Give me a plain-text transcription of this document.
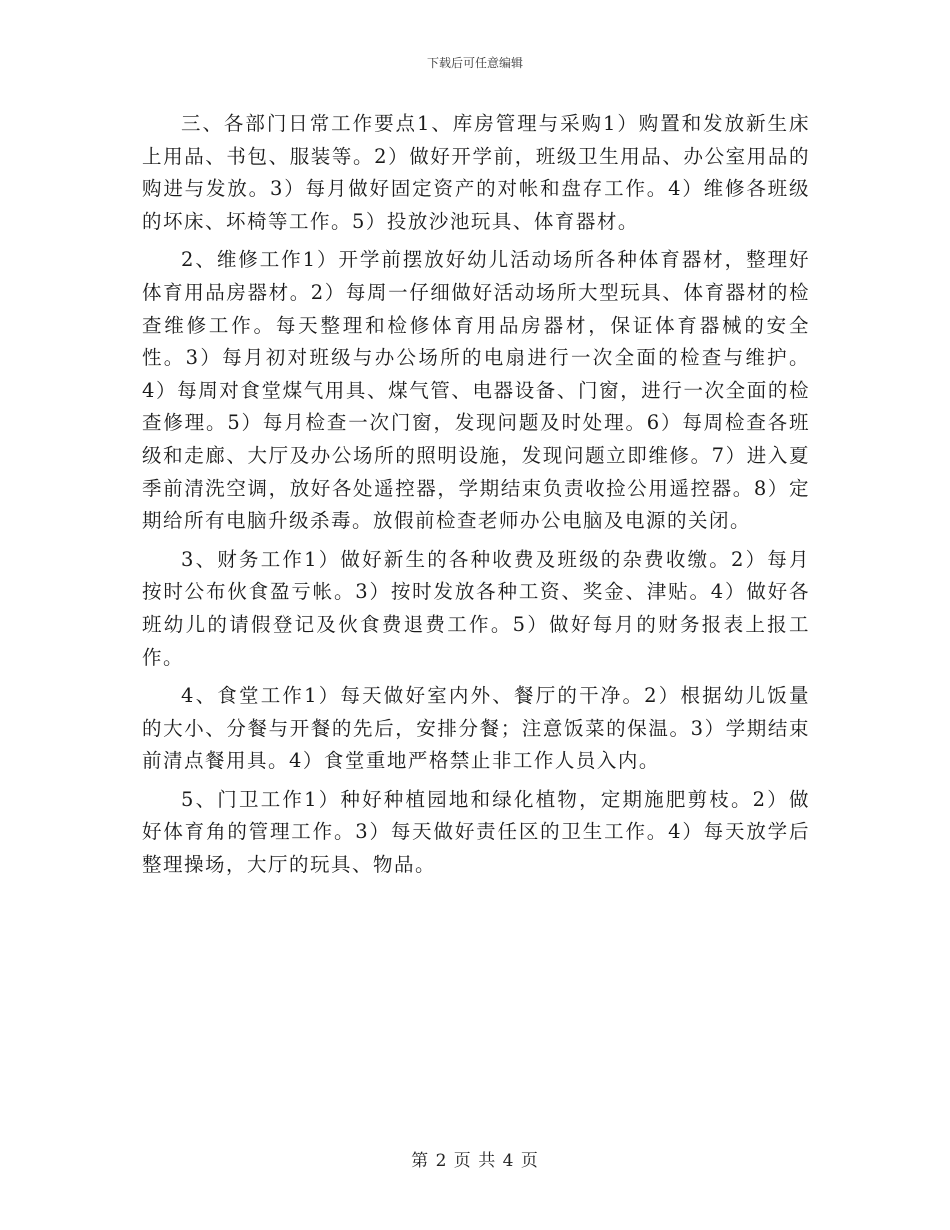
下载后可任意编辑

三、各部门日常工作要点1、库房管理与采购1）购置和发放新生床上用品、书包、服装等。2）做好开学前，班级卫生用品、办公室用品的购进与发放。3）每月做好固定资产的对帐和盘存工作。4）维修各班级的坏床、坏椅等工作。5）投放沙池玩具、体育器材。

2、维修工作1）开学前摆放好幼儿活动场所各种体育器材，整理好体育用品房器材。2）每周一仔细做好活动场所大型玩具、体育器材的检查维修工作。每天整理和检修体育用品房器材，保证体育器械的安全性。3）每月初对班级与办公场所的电扇进行一次全面的检查与维护。4）每周对食堂煤气用具、煤气管、电器设备、门窗，进行一次全面的检查修理。5）每月检查一次门窗，发现问题及时处理。6）每周检查各班级和走廊、大厅及办公场所的照明设施，发现问题立即维修。7）进入夏季前清洗空调，放好各处遥控器，学期结束负责收捡公用遥控器。8）定期给所有电脑升级杀毒。放假前检查老师办公电脑及电源的关闭。

3、财务工作1）做好新生的各种收费及班级的杂费收缴。2）每月按时公布伙食盈亏帐。3）按时发放各种工资、奖金、津贴。4）做好各班幼儿的请假登记及伙食费退费工作。5）做好每月的财务报表上报工作。

4、食堂工作1）每天做好室内外、餐厅的干净。2）根据幼儿饭量的大小、分餐与开餐的先后，安排分餐；注意饭菜的保温。3）学期结束前清点餐用具。4）食堂重地严格禁止非工作人员入内。

5、门卫工作1）种好种植园地和绿化植物，定期施肥剪枝。2）做好体育角的管理工作。3）每天做好责任区的卫生工作。4）每天放学后整理操场，大厅的玩具、物品。

第 2 页 共 4 页
